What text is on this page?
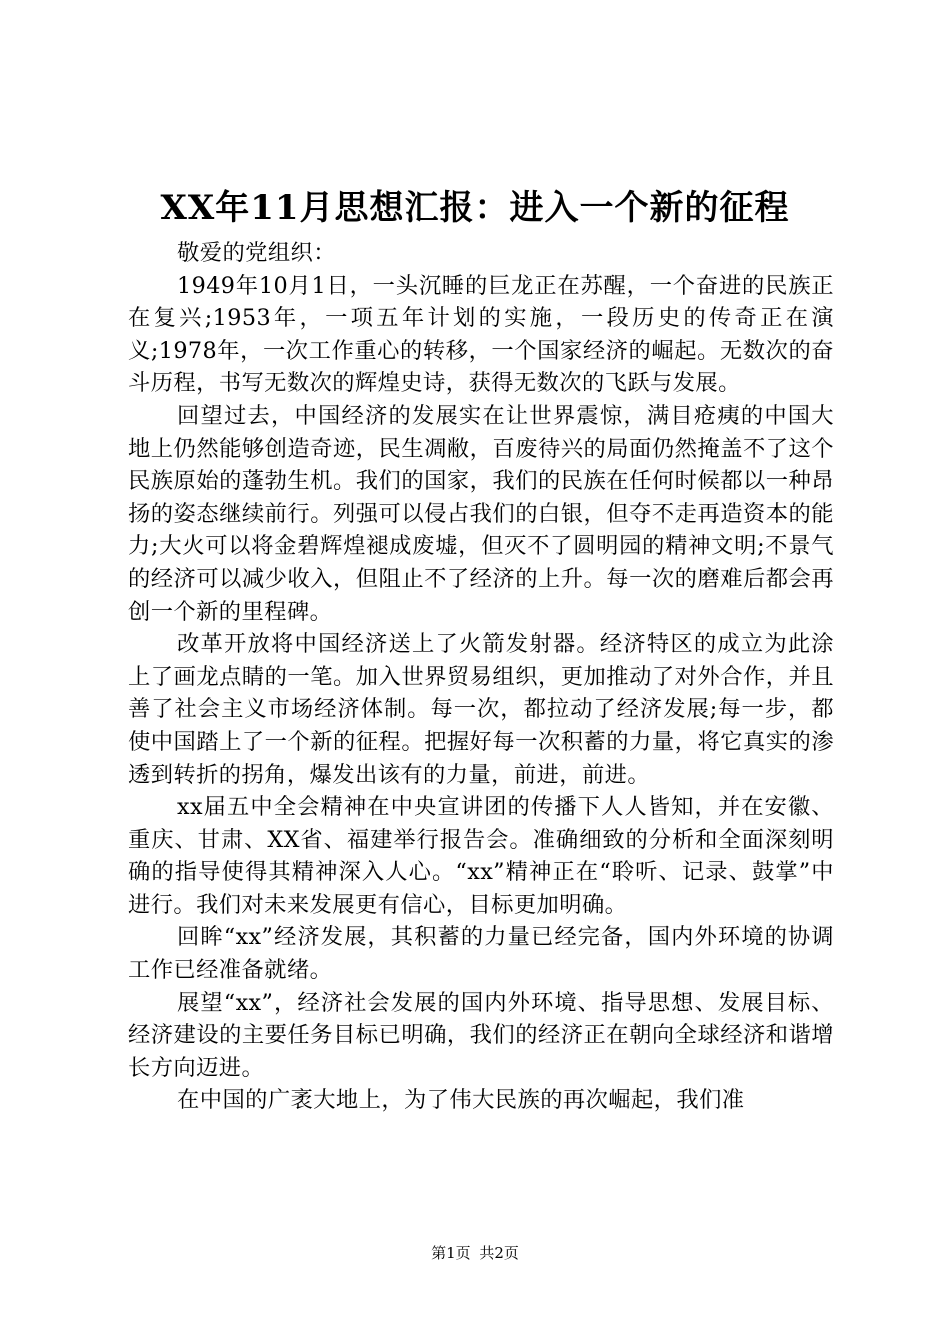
XX年11月思想汇报：进入一个新的征程

敬爱的党组织：

1949年10月1日，一头沉睡的巨龙正在苏醒，一个奋进的民族正在复兴;1953年，一项五年计划的实施，一段历史的传奇正在演义;1978年，一次工作重心的转移，一个国家经济的崛起。无数次的奋斗历程，书写无数次的辉煌史诗，获得无数次的飞跃与发展。

回望过去，中国经济的发展实在让世界震惊，满目疮痍的中国大地上仍然能够创造奇迹，民生凋敝，百废待兴的局面仍然掩盖不了这个民族原始的蓬勃生机。我们的国家，我们的民族在任何时候都以一种昂扬的姿态继续前行。列强可以侵占我们的白银，但夺不走再造资本的能力;大火可以将金碧辉煌褪成废墟，但灭不了圆明园的精神文明;不景气的经济可以减少收入，但阻止不了经济的上升。每一次的磨难后都会再创一个新的里程碑。

改革开放将中国经济送上了火箭发射器。经济特区的成立为此涂上了画龙点睛的一笔。加入世界贸易组织，更加推动了对外合作，并且善了社会主义市场经济体制。每一次，都拉动了经济发展;每一步，都使中国踏上了一个新的征程。把握好每一次积蓄的力量，将它真实的渗透到转折的拐角，爆发出该有的力量，前进，前进。

xx届五中全会精神在中央宣讲团的传播下人人皆知，并在安徽、重庆、甘肃、XX省、福建举行报告会。准确细致的分析和全面深刻明确的指导使得其精神深入人心。“xx”精神正在“聆听、记录、鼓掌”中进行。我们对未来发展更有信心，目标更加明确。

回眸“xx”经济发展，其积蓄的力量已经完备，国内外环境的协调工作已经准备就绪。

展望“xx”，经济社会发展的国内外环境、指导思想、发展目标、经济建设的主要任务目标已明确，我们的经济正在朝向全球经济和谐增长方向迈进。

在中国的广袤大地上，为了伟大民族的再次崛起，我们准

第1页 共2页
